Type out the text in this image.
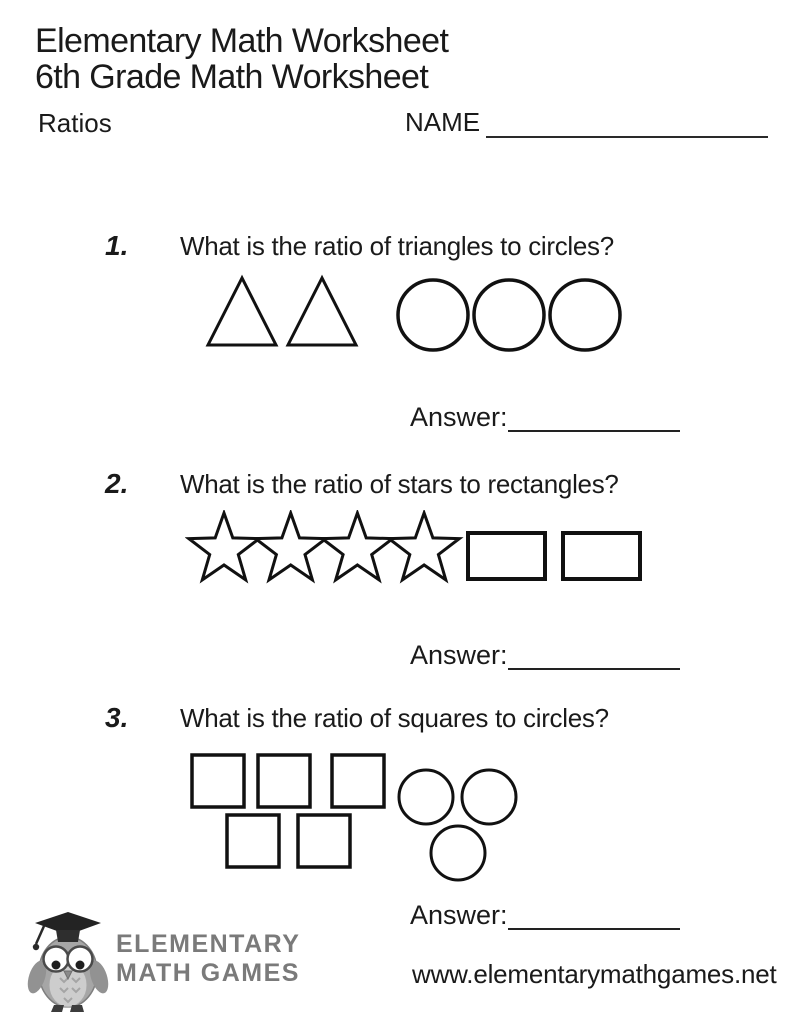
Elementary Math Worksheet
6th Grade Math Worksheet
Ratios	NAME
1.	What is the ratio of triangles to circles?
Answer:
2.	What is the ratio of stars to rectangles?
Answer:
3.	What is the ratio of squares to circles?
Answer:
ELEMENTARY
MATH GAMES	www.elementarymathgames.net
